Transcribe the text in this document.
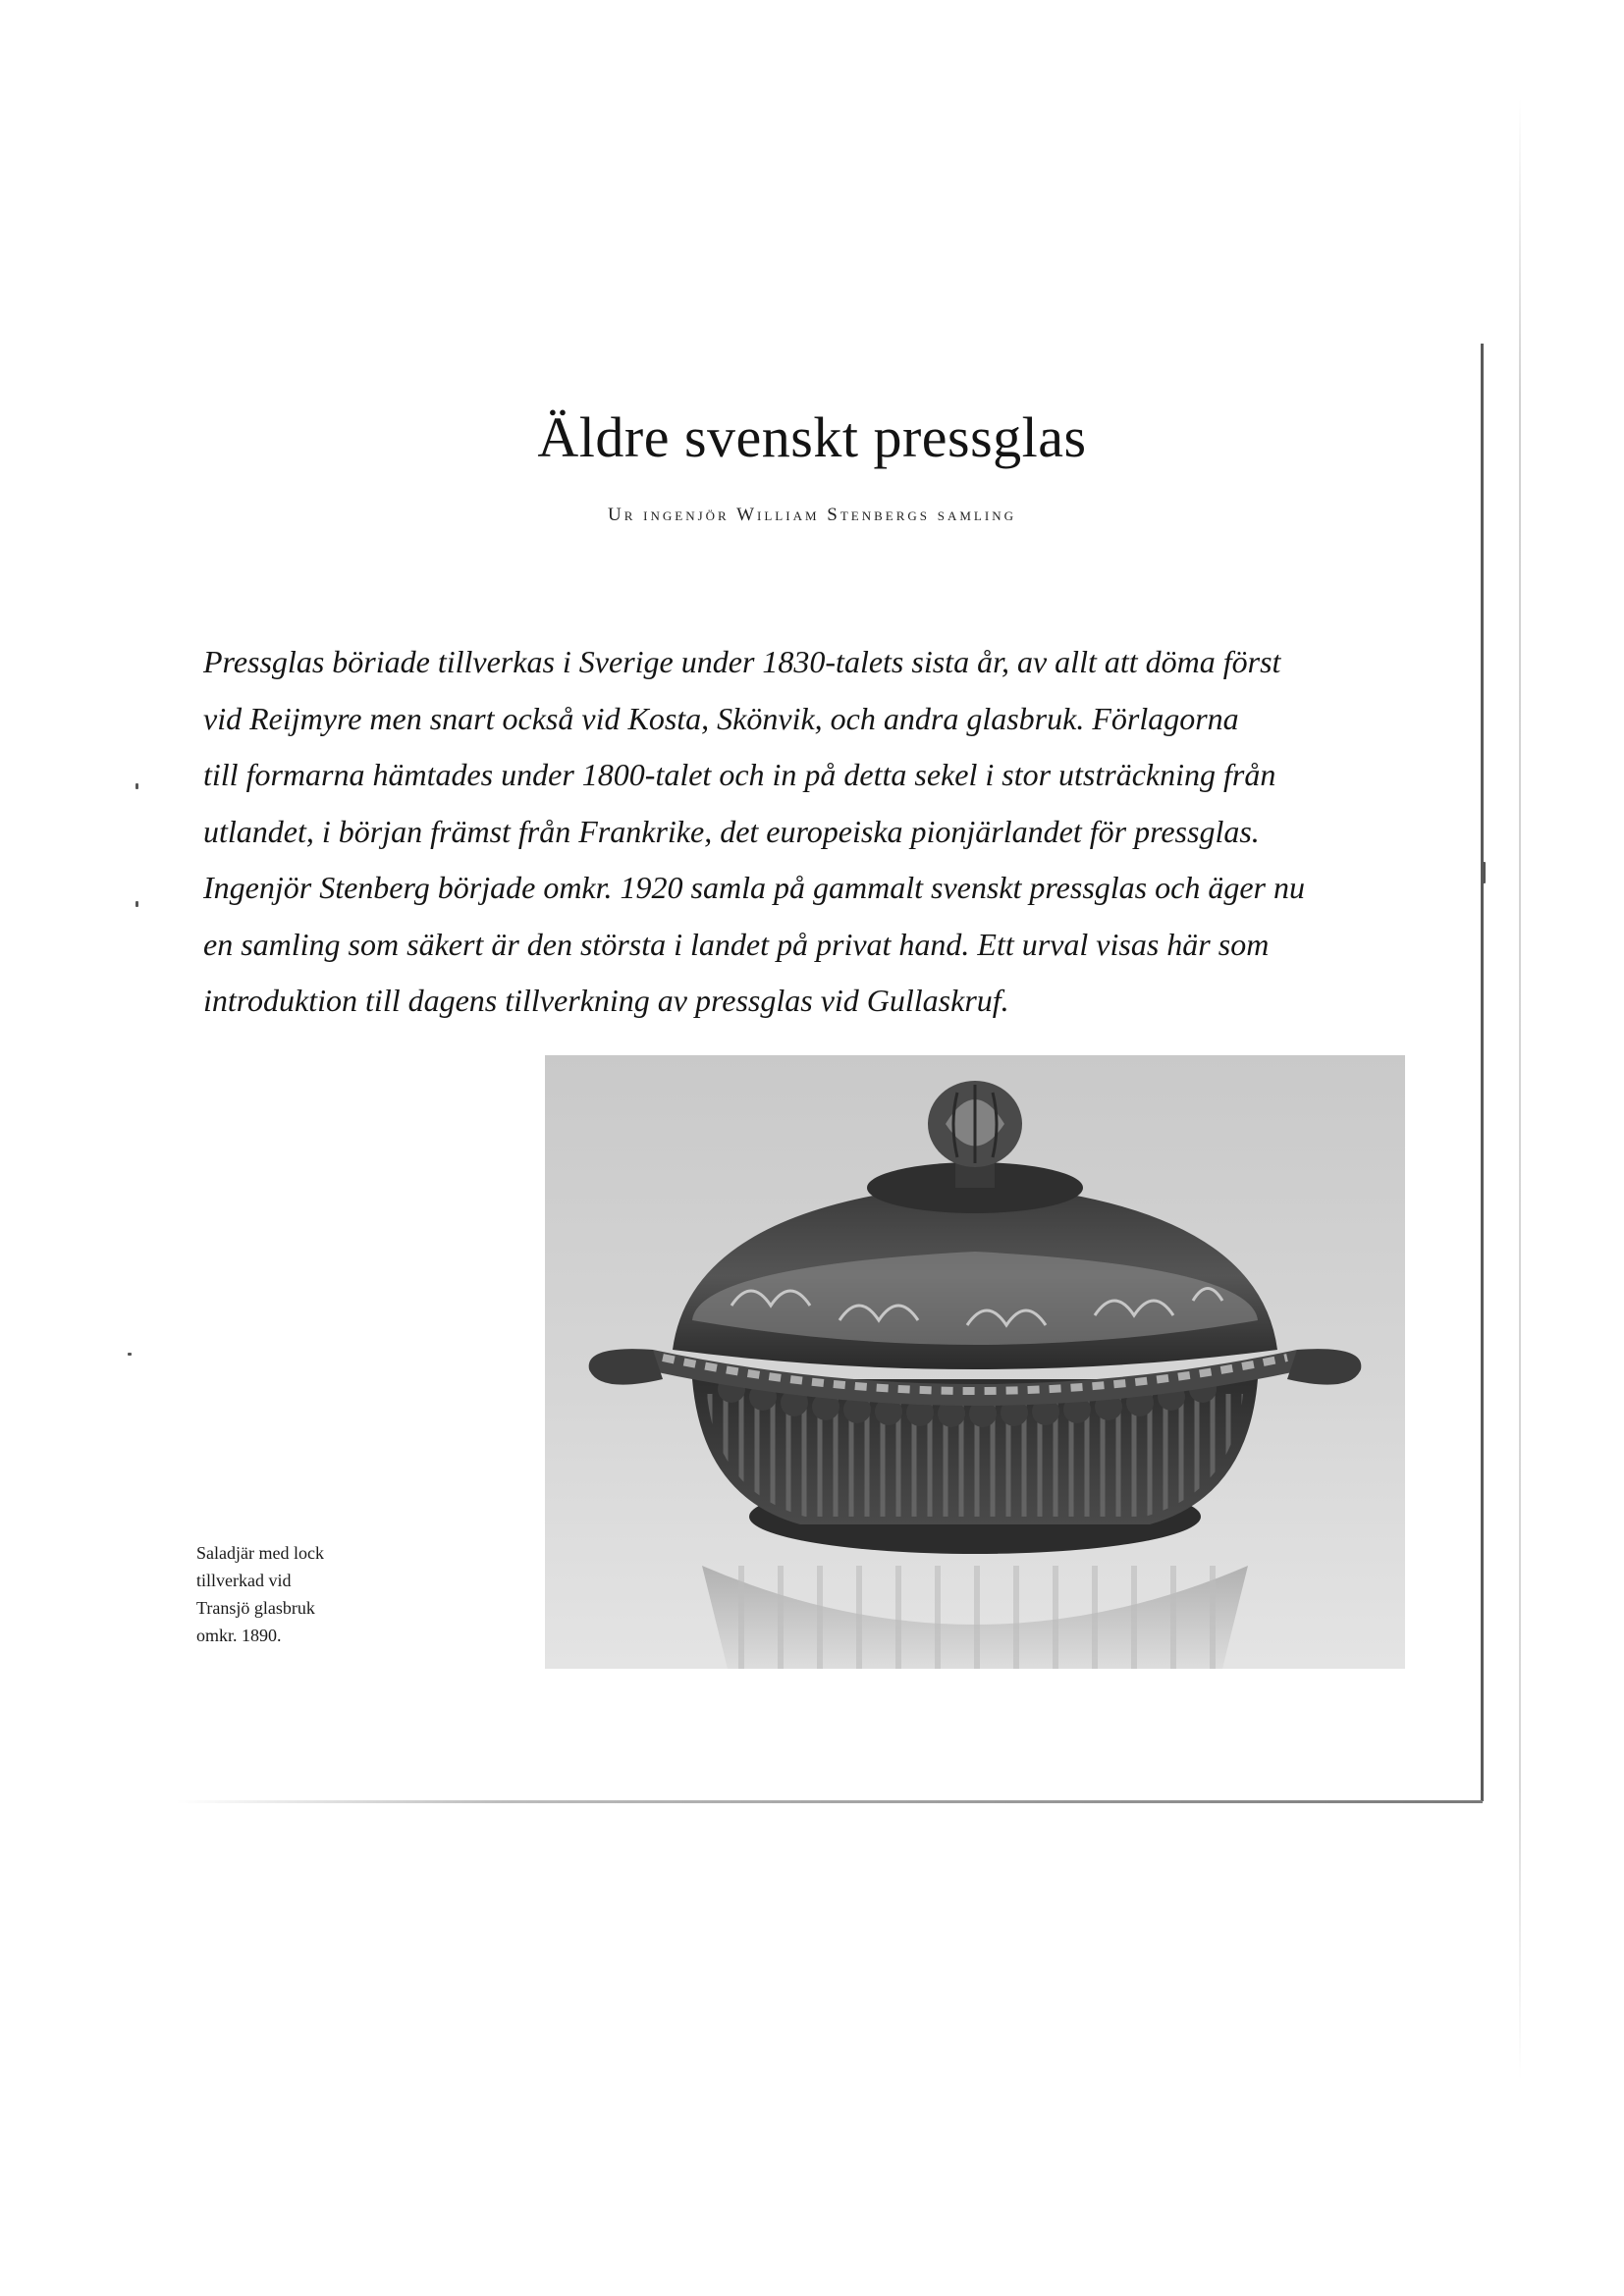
Äldre svenskt pressglas
Ur ingenjör William Stenbergs samling
Pressglas böriade tillverkas i Sverige under 1830-talets sista år, av allt att döma först
vid Reijmyre men snart också vid Kosta, Skönvik, och andra glasbruk. Förlagorna
till formarna hämtades under 1800-talet och in på detta sekel i stor utsträckning från
utlandet, i början främst från Frankrike, det europeiska pionjärlandet för pressglas.
Ingenjör Stenberg började omkr. 1920 samla på gammalt svenskt pressglas och äger nu
en samling som säkert är den största i landet på privat hand. Ett urval visas här som
introduktion till dagens tillverkning av pressglas vid Gullaskruf.
Saladjär med lock
tillverkad vid
Transjö glasbruk
omkr. 1890.
